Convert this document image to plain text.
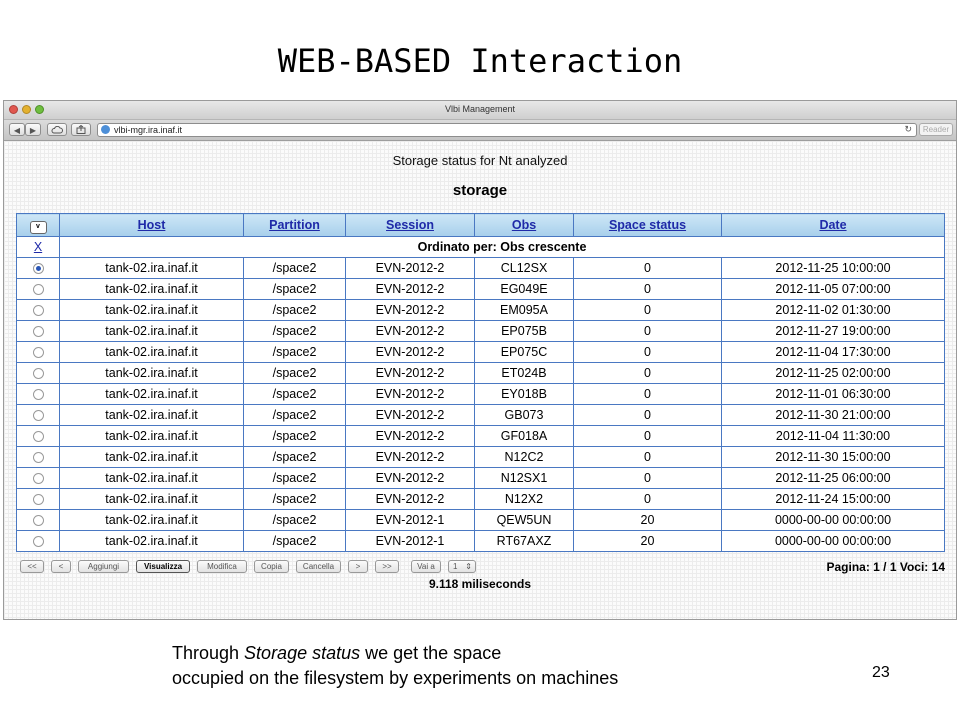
WEB-BASED Interaction
Vlbi Management
◀	▶	vlbi-mgr.ira.inaf.it	↻	Reader
Storage status for Nt analyzed
storage
v	Host	Partition	Session	Obs	Space status	Date
X	Ordinato per: Obs crescente					
	tank-02.ira.inaf.it	/space2	EVN-2012-2	CL12SX	0	2012-11-25 10:00:00
	tank-02.ira.inaf.it	/space2	EVN-2012-2	EG049E	0	2012-11-05 07:00:00
	tank-02.ira.inaf.it	/space2	EVN-2012-2	EM095A	0	2012-11-02 01:30:00
	tank-02.ira.inaf.it	/space2	EVN-2012-2	EP075B	0	2012-11-27 19:00:00
	tank-02.ira.inaf.it	/space2	EVN-2012-2	EP075C	0	2012-11-04 17:30:00
	tank-02.ira.inaf.it	/space2	EVN-2012-2	ET024B	0	2012-11-25 02:00:00
	tank-02.ira.inaf.it	/space2	EVN-2012-2	EY018B	0	2012-11-01 06:30:00
	tank-02.ira.inaf.it	/space2	EVN-2012-2	GB073	0	2012-11-30 21:00:00
	tank-02.ira.inaf.it	/space2	EVN-2012-2	GF018A	0	2012-11-04 11:30:00
	tank-02.ira.inaf.it	/space2	EVN-2012-2	N12C2	0	2012-11-30 15:00:00
	tank-02.ira.inaf.it	/space2	EVN-2012-2	N12SX1	0	2012-11-25 06:00:00
	tank-02.ira.inaf.it	/space2	EVN-2012-2	N12X2	0	2012-11-24 15:00:00
	tank-02.ira.inaf.it	/space2	EVN-2012-1	QEW5UN	20	0000-00-00 00:00:00
	tank-02.ira.inaf.it	/space2	EVN-2012-1	RT67AXZ	20	0000-00-00 00:00:00
<<	<	Aggiungi	Visualizza	Modifica	Copia	Cancella	>	>>	Vai a	1 ⇕	Pagina: 1 / 1 Voci: 14
9.118 miliseconds
Through Storage status we get the space
occupied on the filesystem by experiments on machines	23
